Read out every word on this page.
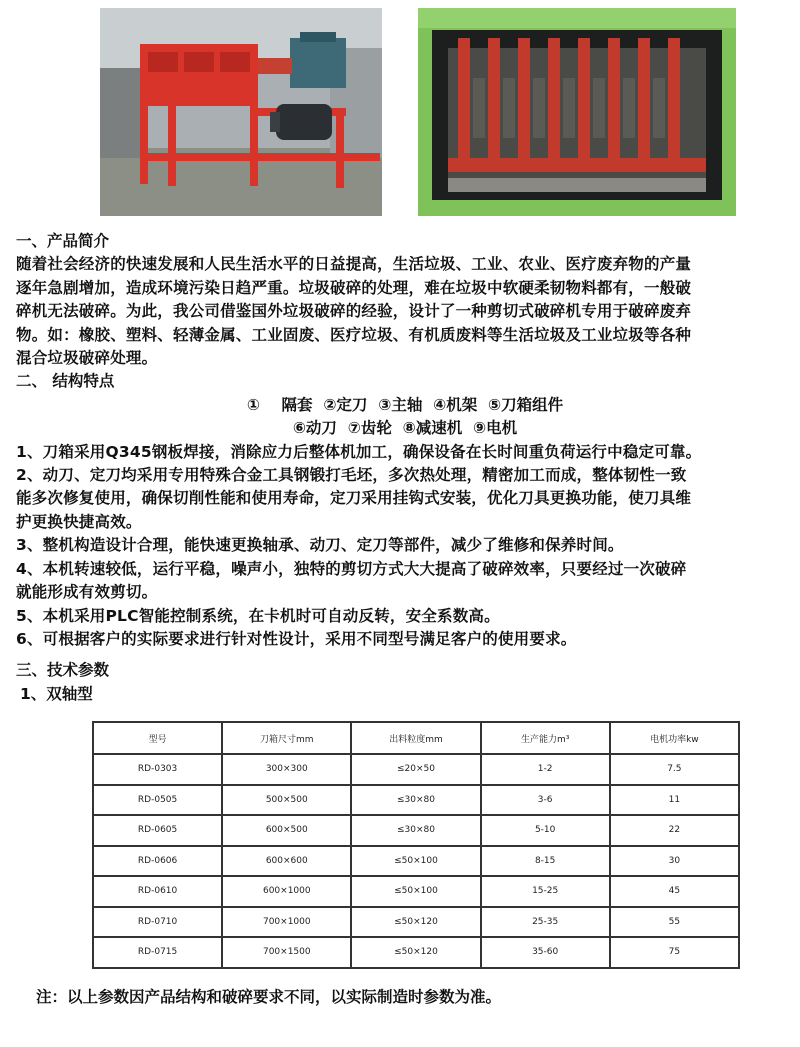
一、产品简介
随着社会经济的快速发展和人民生活水平的日益提高，生活垃圾、工业、农业、医疗废弃物的产量
逐年急剧增加，造成环境污染日趋严重。垃圾破碎的处理，难在垃圾中软硬柔韧物料都有，一般破
碎机无法破碎。为此，我公司借鉴国外垃圾破碎的经验，设计了一种剪切式破碎机专用于破碎废弃
物。如：橡胶、塑料、轻薄金属、工业固废、医疗垃圾、有机质废料等生活垃圾及工业垃圾等各种
混合垃圾破碎处理。
二、 结构特点
①    隔套  ②定刀  ③主轴  ④机架  ⑤刀箱组件
⑥动刀  ⑦齿轮  ⑧减速机  ⑨电机
1、刀箱采用Q345钢板焊接，消除应力后整体机加工，确保设备在长时间重负荷运行中稳定可靠。
2、动刀、定刀均采用专用特殊合金工具钢锻打毛坯，多次热处理，精密加工而成，整体韧性一致
能多次修复使用，确保切削性能和使用寿命，定刀采用挂钩式安装，优化刀具更换功能，使刀具维
护更换快捷高效。
3、整机构造设计合理，能快速更换轴承、动刀、定刀等部件，减少了维修和保养时间。
4、本机转速较低，运行平稳，噪声小，独特的剪切方式大大提高了破碎效率，只要经过一次破碎
就能形成有效剪切。
5、本机采用PLC智能控制系统，在卡机时可自动反转，安全系数高。
6、可根据客户的实际要求进行针对性设计，采用不同型号满足客户的使用要求。
三、技术参数
1、双轴型
型号	刀箱尺寸mm	出料粒度mm	生产能力m³	电机功率kw
RD-0303	300×300	≤20×50	1-2	7.5
RD-0505	500×500	≤30×80	3-6	11
RD-0605	600×500	≤30×80	5-10	22
RD-0606	600×600	≤50×100	8-15	30
RD-0610	600×1000	≤50×100	15-25	45
RD-0710	700×1000	≤50×120	25-35	55
RD-0715	700×1500	≤50×120	35-60	75
注：以上参数因产品结构和破碎要求不同，以实际制造时参数为准。
